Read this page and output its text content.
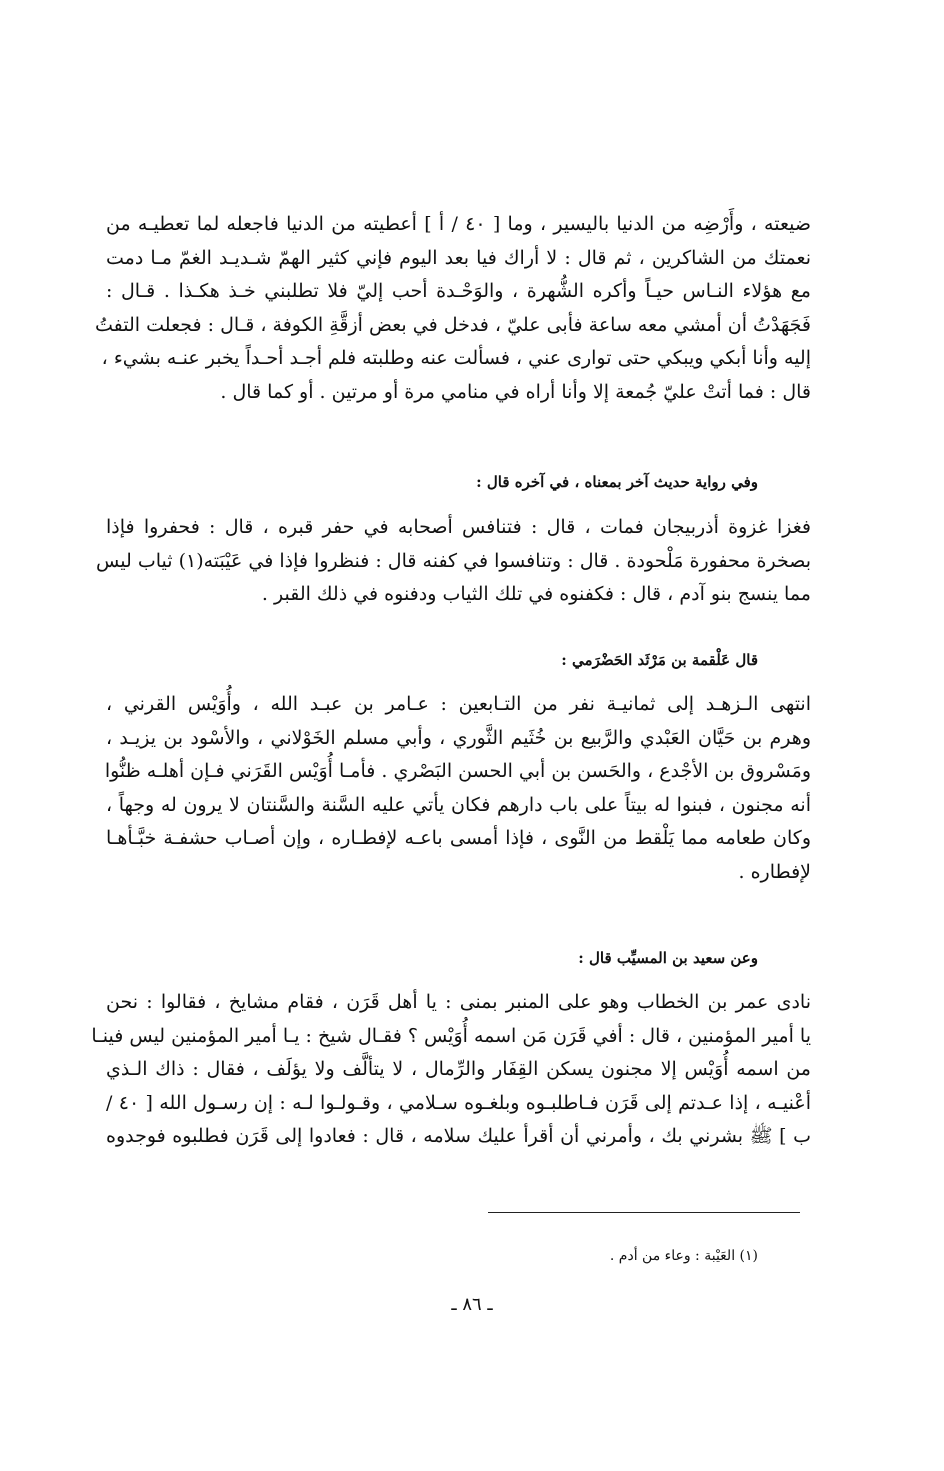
ضيعته ، وأَرْضِه من الدنيا باليسير ، وما [ ٤٠ / أ ] أعطيته من الدنيا فاجعله لما تعطيـه من
نعمتك من الشاكرين ، ثم قال : لا أراك فيا بعد اليوم فإني كثير الهمّ شـديـد الغمّ مـا دمت
مع هؤلاء النـاس حيـاً وأكره الشُّهرة ، والوَحْـدة أحب إليّ فلا تطلبني خـذ هكـذا . قـال :
فَجَهَدْتُ أن أمشي معه ساعة فأبى عليّ ، فدخل في بعض أزقَّةِ الكوفة ، قـال : فجعلت التفتُ
إليه وأنا أبكي ويبكي حتى توارى عني ، فسألت عنه وطلبته فلم أجـد أحـداً يخبر عنـه بشيء ،
قال : فما أتتْ عليّ جُمعة إلا وأنا أراه في منامي مرة أو مرتين . أو كما قال .
وفي رواية حديث آخر بمعناه ، في آخره قال :
فغزا غزوة أذربيجان فمات ، قال : فتنافس أصحابه في حفر قبره ، قال : فحفروا فإذا
بصخرة محفورة مَلْحودة . قال : وتنافسوا في كفنه قال : فنظروا فإذا في عَيْبَته(١) ثياب ليس
مما ينسج بنو آدم ، قال : فكفنوه في تلك الثياب ودفنوه في ذلك القبر .
قال عَلْقمة بن مَرْثَد الحَضْرَمي :
انتهى الـزهـد إلى ثمانيـة نفر من التـابعين : عـامر بن عبـد الله ، وأُوَيْس القرني ،
وهرم بن حَيَّان العَبْدي والرَّبيع بن خُثَيم الثَّوري ، وأبي مسلم الخَوْلاني ، والأسْود بن يزيـد ،
ومَسْروق بن الأجْدع ، والحَسن بن أبي الحسن البَصْري . فأمـا أُوَيْس القَرَني فـإن أهلـه ظنُّوا
أنه مجنون ، فبنوا له بيتاً على باب دارهم فكان يأتي عليه السَّنة والسَّنتان لا يرون له وجهاً ،
وكان طعامه مما يَلْقط من النَّوى ، فإذا أمسى باعـه لإفطـاره ، وإن أصـاب حشفـة خبَّـأهـا
لإفطاره .
وعن سعيد بن المسيِّب قال :
نادى عمر بن الخطاب وهو على المنبر بمنى : يا أهل قَرَن ، فقام مشايخ ، فقالوا : نحن
يا أمير المؤمنين ، قال : أفي قَرَن مَن اسمه أُوَيْس ؟ فقـال شيخ : يـا أمير المؤمنين ليس فينـا
من اسمه أُوَيْس إلا مجنون يسكن القِفَار والرِّمال ، لا يتألَّف ولا يؤلَف ، فقال : ذاك الـذي
أعْنيـه ، إذا عـدتم إلى قَرَن فـاطلبـوه وبلغـوه سـلامي ، وقـولـوا لـه : إن رسـول الله [ ٤٠ /
ب ] ﷺ بشرني بك ، وأمرني أن أقرأ عليك سلامه ، قال : فعادوا إلى قَرَن فطلبوه فوجدوه
(١) العَيْبة : وعاء من أدم .
ـ ٨٦ ـ
